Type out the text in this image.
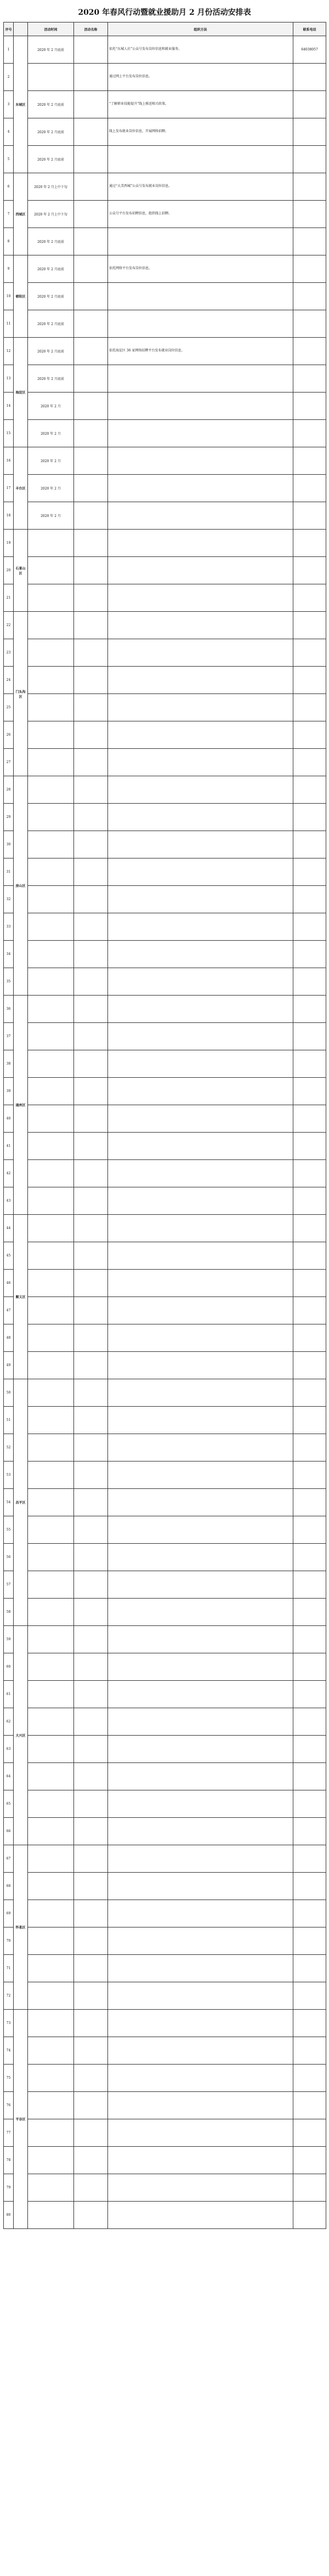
2020 年春风行动暨就业援助月 2 月份活动安排表
序号		活动时间	活动名称	组织方法	联系电话
1	东城区	2020 年 2 月底前		依托“东城人社”公众号发布岗位信息和就业服务。	64038057
2				通过网上平台发布岗位信息。	
3		2020 年 2 月底前		“了解职业技能提升”线上推送相关政策。	
4		2020 年 2 月底前		线上发布就业岗位信息，开展网络招聘。	
5		2020 年 2 月底前			
6	西城区	2020 年 2 月上中下旬		通过“大美西城”公众号发布就业岗位信息。	
7		2020 年 2 月上中下旬		公众号平台发布招聘信息，组织线上招聘。	
8		2020 年 2 月底前			
9	朝阳区	2020 年 2 月底前		依托网络平台发布岗位信息。	
10		2020 年 2 月底前			
11		2020 年 2 月底前			
12	海淀区	2020 年 2 月底前		依托海淀区 36 家网络招聘平台发布就业岗位信息。	
13		2020 年 2 月底前			
14		2020 年 2 月			
15		2020 年 2 月			
16	丰台区	2020 年 2 月			
17		2020 年 2 月			
18		2020 年 2 月			
19	石景山区				
20					
21					
22	门头沟区				
23					
24					
25					
26					
27					
28	房山区				
29					
30					
31					
32					
33					
34					
35					
36	通州区				
37					
38					
39					
40					
41					
42					
43					
44	顺义区				
45					
46					
47					
48					
49					
50	昌平区				
51					
52					
53					
54					
55					
56					
57					
58					
59	大兴区				
60					
61					
62					
63					
64					
65					
66					
67	怀柔区				
68					
69					
70					
71					
72					
73	平谷区				
74					
75					
76					
77					
78					
79					
80					
